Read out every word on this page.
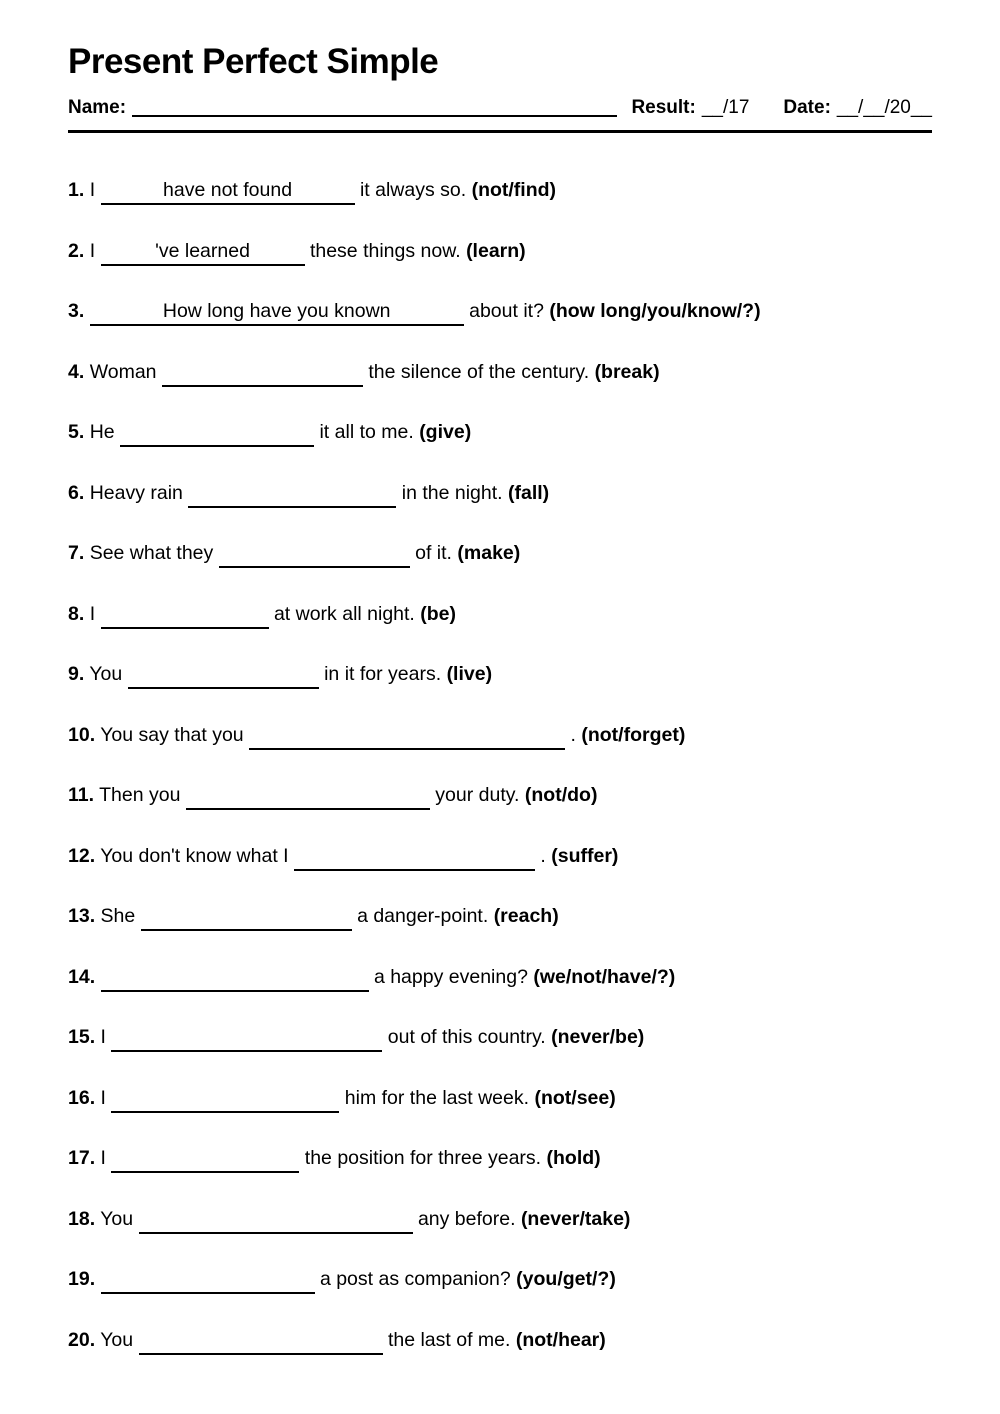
Present Perfect Simple
Name:	Result: __/17 Date: __/__/20__
1. I	have not found	it always so. (not/find)
2. I	've learned	these things now. (learn)
3.	How long have you known	about it? (how long/you/know/?)
4. Woman	the silence of the century. (break)
5. He	it all to me. (give)
6. Heavy rain	in the night. (fall)
7. See what they	of it. (make)
8. I	at work all night. (be)
9. You	in it for years. (live)
10. You say that you	. (not/forget)
11. Then you	your duty. (not/do)
12. You don't know what I	. (suffer)
13. She	a danger-point. (reach)
14.	a happy evening? (we/not/have/?)
15. I	out of this country. (never/be)
16. I	him for the last week. (not/see)
17. I	the position for three years. (hold)
18. You	any before. (never/take)
19.	a post as companion? (you/get/?)
20. You	the last of me. (not/hear)
